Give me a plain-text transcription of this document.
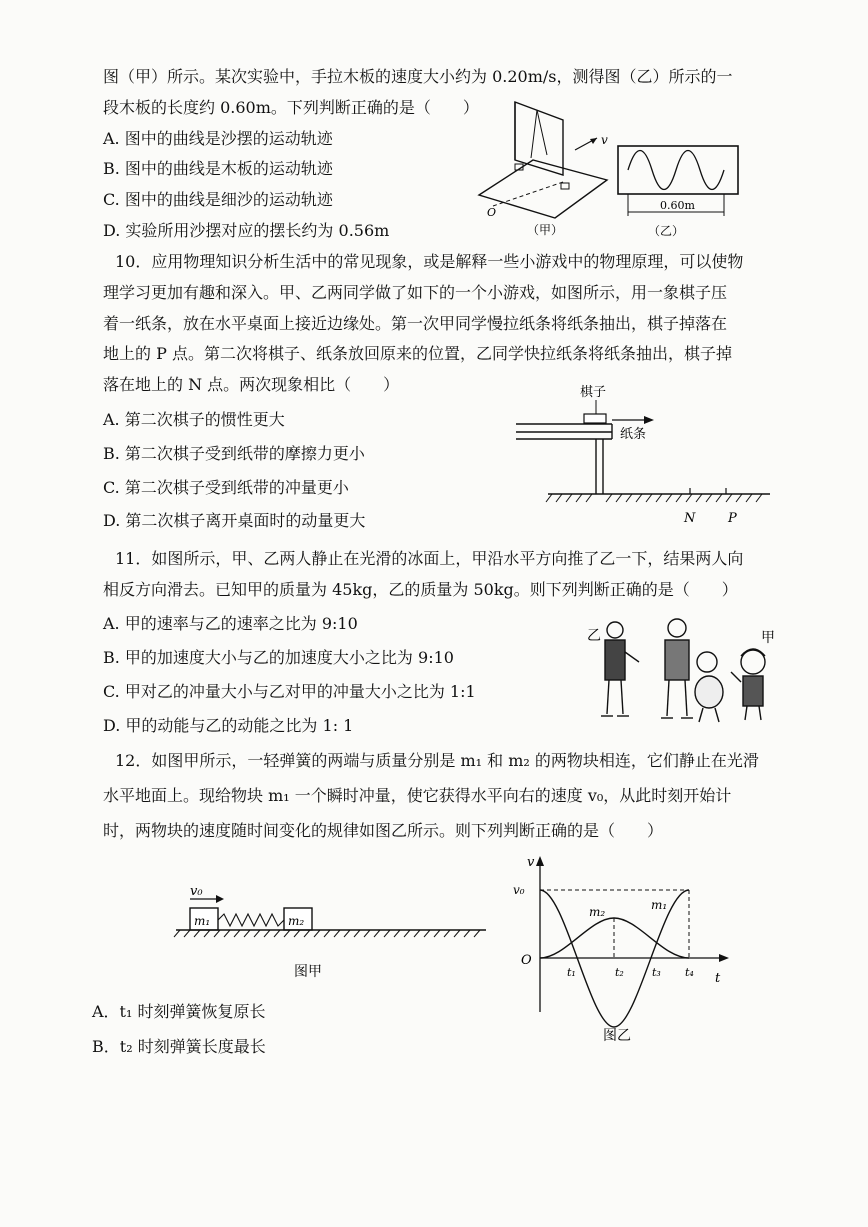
图（甲）所示。某次实验中，手拉木板的速度大小约为 0.20m/s，测得图（乙）所示的一
段木板的长度约 0.60m。下列判断正确的是（　　）
A. 图中的曲线是沙摆的运动轨迹
B. 图中的曲线是木板的运动轨迹
C. 图中的曲线是细沙的运动轨迹
D. 实验所用沙摆对应的摆长约为 0.56m
v
O
（甲）
0.60m
（乙）
10．应用物理知识分析生活中的常见现象，或是解释一些小游戏中的物理原理，可以使物
理学习更加有趣和深入。甲、乙两同学做了如下的一个小游戏，如图所示，用一象棋子压
着一纸条，放在水平桌面上接近边缘处。第一次甲同学慢拉纸条将纸条抽出，棋子掉落在
地上的 P 点。第二次将棋子、纸条放回原来的位置，乙同学快拉纸条将纸条抽出，棋子掉
落在地上的 N 点。两次现象相比（　　）
A. 第二次棋子的惯性更大
B. 第二次棋子受到纸带的摩擦力更小
C. 第二次棋子受到纸带的冲量更小
D. 第二次棋子离开桌面时的动量更大
棋子
纸条
N	P
11．如图所示，甲、乙两人静止在光滑的冰面上，甲沿水平方向推了乙一下，结果两人向
相反方向滑去。已知甲的质量为 45kg，乙的质量为 50kg。则下列判断正确的是（　　）
A. 甲的速率与乙的速率之比为 9:10
B. 甲的加速度大小与乙的加速度大小之比为 9:10
C. 甲对乙的冲量大小与乙对甲的冲量大小之比为 1:1
D. 甲的动能与乙的动能之比为 1: 1
乙	甲
12．如图甲所示，一轻弹簧的两端与质量分别是 m₁ 和 m₂ 的两物块相连，它们静止在光滑
水平地面上。现给物块 m₁ 一个瞬时冲量，使它获得水平向右的速度 v₀，从此时刻开始计
时，两物块的速度随时间变化的规律如图乙所示。则下列判断正确的是（　　）
v₀
m₁	m₂
图甲
v
v₀
O
t
m₂	m₁
t₁	t₂	t₃ t₄
图乙
A．t₁ 时刻弹簧恢复原长
B．t₂ 时刻弹簧长度最长
